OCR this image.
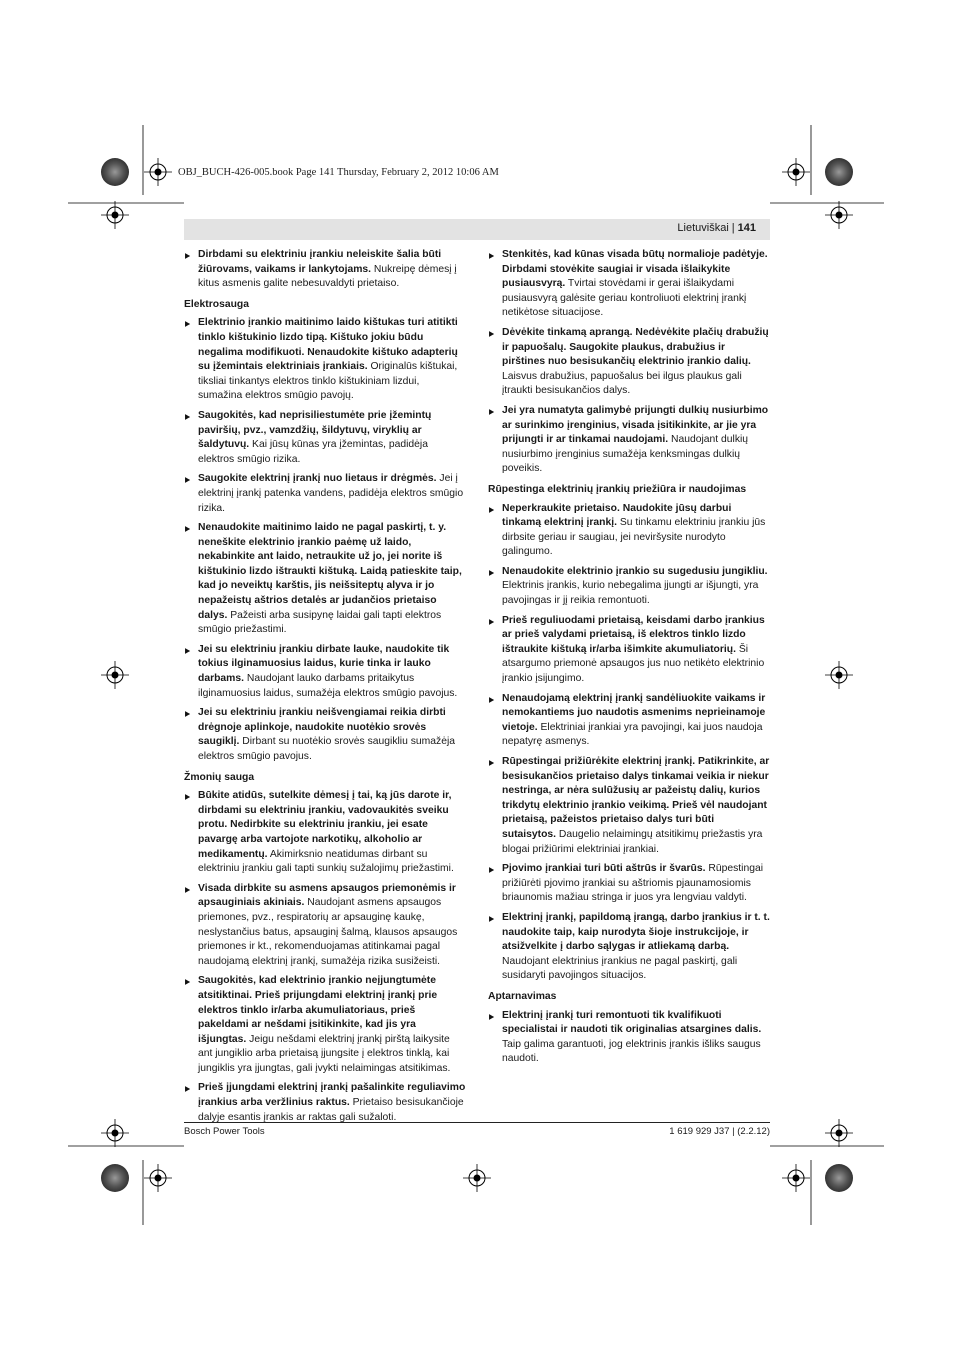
OBJ_BUCH-426-005.book Page 141 Thursday, February 2, 2012 10:06 AM
Lietuviškai | 141
▶ Dirbdami su elektriniu įrankiu neleiskite šalia būti žiūrovams, vaikams ir lankytojams. Nukreipę dėmesį į kitus asmenis galite nebesuvaldyti prietaiso.
Elektrosauga
▶ Elektrinio įrankio maitinimo laido kištukas turi atitikti tinklo kištukinio lizdo tipą. Kištuko jokiu būdu negalima modifikuoti. Nenaudokite kištuko adapterių su įžemintais elektriniais įrankiais. Originalūs kištukai, tiksliai tinkantys elektros tinklo kištukiniam lizdui, sumažina elektros smūgio pavojų.
▶ Saugokitės, kad neprisiliestumėte prie įžemintų paviršių, pvz., vamzdžių, šildytuvų, viryklių ar šaldytuvų. Kai jūsų kūnas yra įžemintas, padidėja elektros smūgio rizika.
▶ Saugokite elektrinį įrankį nuo lietaus ir drėgmės. Jei į elektrinį įrankį patenka vandens, padidėja elektros smūgio rizika.
▶ Nenaudokite maitinimo laido ne pagal paskirtį, t. y. neneškite elektrinio įrankio paėmę už laido, nekabinkite ant laido, netraukite už jo, jei norite iš kištukinio lizdo ištraukti kištuką. Laidą patieskite taip, kad jo neveiktų karštis, jis neišsiteptų alyva ir jo nepažeistų aštrios detalės ar judančios prietaiso dalys. Pažeisti arba susipynę laidai gali tapti elektros smūgio priežastimi.
▶ Jei su elektriniu įrankiu dirbate lauke, naudokite tik tokius ilginamuosius laidus, kurie tinka ir lauko darbams. Naudojant lauko darbams pritaikytus ilginamuosius laidus, sumažėja elektros smūgio pavojus.
▶ Jei su elektriniu įrankiu neišvengiamai reikia dirbti drėgnoje aplinkoje, naudokite nuotėkio srovės saugiklį. Dirbant su nuotėkio srovės saugikliu sumažėja elektros smūgio pavojus.
Žmonių sauga
▶ Būkite atidūs, sutelkite dėmesį į tai, ką jūs darote ir, dirbdami su elektriniu įrankiu, vadovaukitės sveiku protu. Nedirbkite su elektriniu įrankiu, jei esate pavargę arba vartojote narkotikų, alkoholio ar medikamentų. Akimirksnio neatidumas dirbant su elektriniu įrankiu gali tapti sunkių sužalojimų priežastimi.
▶ Visada dirbkite su asmens apsaugos priemonėmis ir apsauginiais akiniais. Naudojant asmens apsaugos priemones, pvz., respiratorių ar apsauginę kaukę, neslystančius batus, apsauginį šalmą, klausos apsaugos priemones ir kt., rekomenduojamas atitinkamai pagal naudojamą elektrinį įrankį, sumažėja rizika susižeisti.
▶ Saugokitės, kad elektrinio įrankio neįjungtumėte atsitiktinai. Prieš prijungdami elektrinį įrankį prie elektros tinklo ir/arba akumuliatoriaus, prieš pakeldami ar nešdami įsitikinkite, kad jis yra išjungtas. Jeigu nešdami elektrinį įrankį pirštą laikysite ant jungiklio arba prietaisą įjungsite į elektros tinklą, kai jungiklis yra įjungtas, gali įvykti nelaimingas atsitikimas.
▶ Prieš įjungdami elektrinį įrankį pašalinkite reguliavimo įrankius arba veržlinius raktus. Prietaiso besisukančioje dalyje esantis įrankis ar raktas gali sužaloti.
▶ Stenkitės, kad kūnas visada būtų normalioje padėtyje. Dirbdami stovėkite saugiai ir visada išlaikykite pusiausvyrą. Tvirtai stovėdami ir gerai išlaikydami pusiausvyrą galėsite geriau kontroliuoti elektrinį įrankį netikėtose situacijose.
▶ Dėvėkite tinkamą aprangą. Nedėvėkite plačių drabužių ir papuošalų. Saugokite plaukus, drabužius ir pirštines nuo besisukančių elektrinio įrankio dalių. Laisvus drabužius, papuošalus bei ilgus plaukus gali įtraukti besisukančios dalys.
▶ Jei yra numatyta galimybė prijungti dulkių nusiurbimo ar surinkimo įrenginius, visada įsitikinkite, ar jie yra prijungti ir ar tinkamai naudojami. Naudojant dulkių nusiurbimo įrenginius sumažėja kenksmingas dulkių poveikis.
Rūpestinga elektrinių įrankių priežiūra ir naudojimas
▶ Neperkraukite prietaiso. Naudokite jūsų darbui tinkamą elektrinį įrankį. Su tinkamu elektriniu įrankiu jūs dirbsite geriau ir saugiau, jei neviršysite nurodyto galingumo.
▶ Nenaudokite elektrinio įrankio su sugedusiu jungikliu. Elektrinis įrankis, kurio nebegalima įjungti ar išjungti, yra pavojingas ir jį reikia remontuoti.
▶ Prieš reguliuodami prietaisą, keisdami darbo įrankius ar prieš valydami prietaisą, iš elektros tinklo lizdo ištraukite kištuką ir/arba išimkite akumuliatorių. Ši atsargumo priemonė apsaugos jus nuo netikėto elektrinio įrankio įsijungimo.
▶ Nenaudojamą elektrinį įrankį sandėliuokite vaikams ir nemokantiems juo naudotis asmenims neprieinamoje vietoje. Elektriniai įrankiai yra pavojingi, kai juos naudoja nepatyrę asmenys.
▶ Rūpestingai prižiūrėkite elektrinį įrankį. Patikrinkite, ar besisukančios prietaiso dalys tinkamai veikia ir niekur nestringa, ar nėra sulūžusių ar pažeistų dalių, kurios trikdytų elektrinio įrankio veikimą. Prieš vėl naudojant prietaisą, pažeistos prietaiso dalys turi būti sutaisytos. Daugelio nelaimingų atsitikimų priežastis yra blogai prižiūrimi elektriniai įrankiai.
▶ Pjovimo įrankiai turi būti aštrūs ir švarūs. Rūpestingai prižiūrėti pjovimo įrankiai su aštriomis pjaunamosiomis briaunomis mažiau stringa ir juos yra lengviau valdyti.
▶ Elektrinį įrankį, papildomą įrangą, darbo įrankius ir t. t. naudokite taip, kaip nurodyta šioje instrukcijoje, ir atsižvelkite į darbo sąlygas ir atliekamą darbą. Naudojant elektrinius įrankius ne pagal paskirtį, gali susidaryti pavojingos situacijos.
Aptarnavimas
▶ Elektrinį įrankį turi remontuoti tik kvalifikuoti specialistai ir naudoti tik originalias atsargines dalis. Taip galima garantuoti, jog elektrinis įrankis išliks saugus naudoti.
Bosch Power Tools	1 619 929 J37 | (2.2.12)
